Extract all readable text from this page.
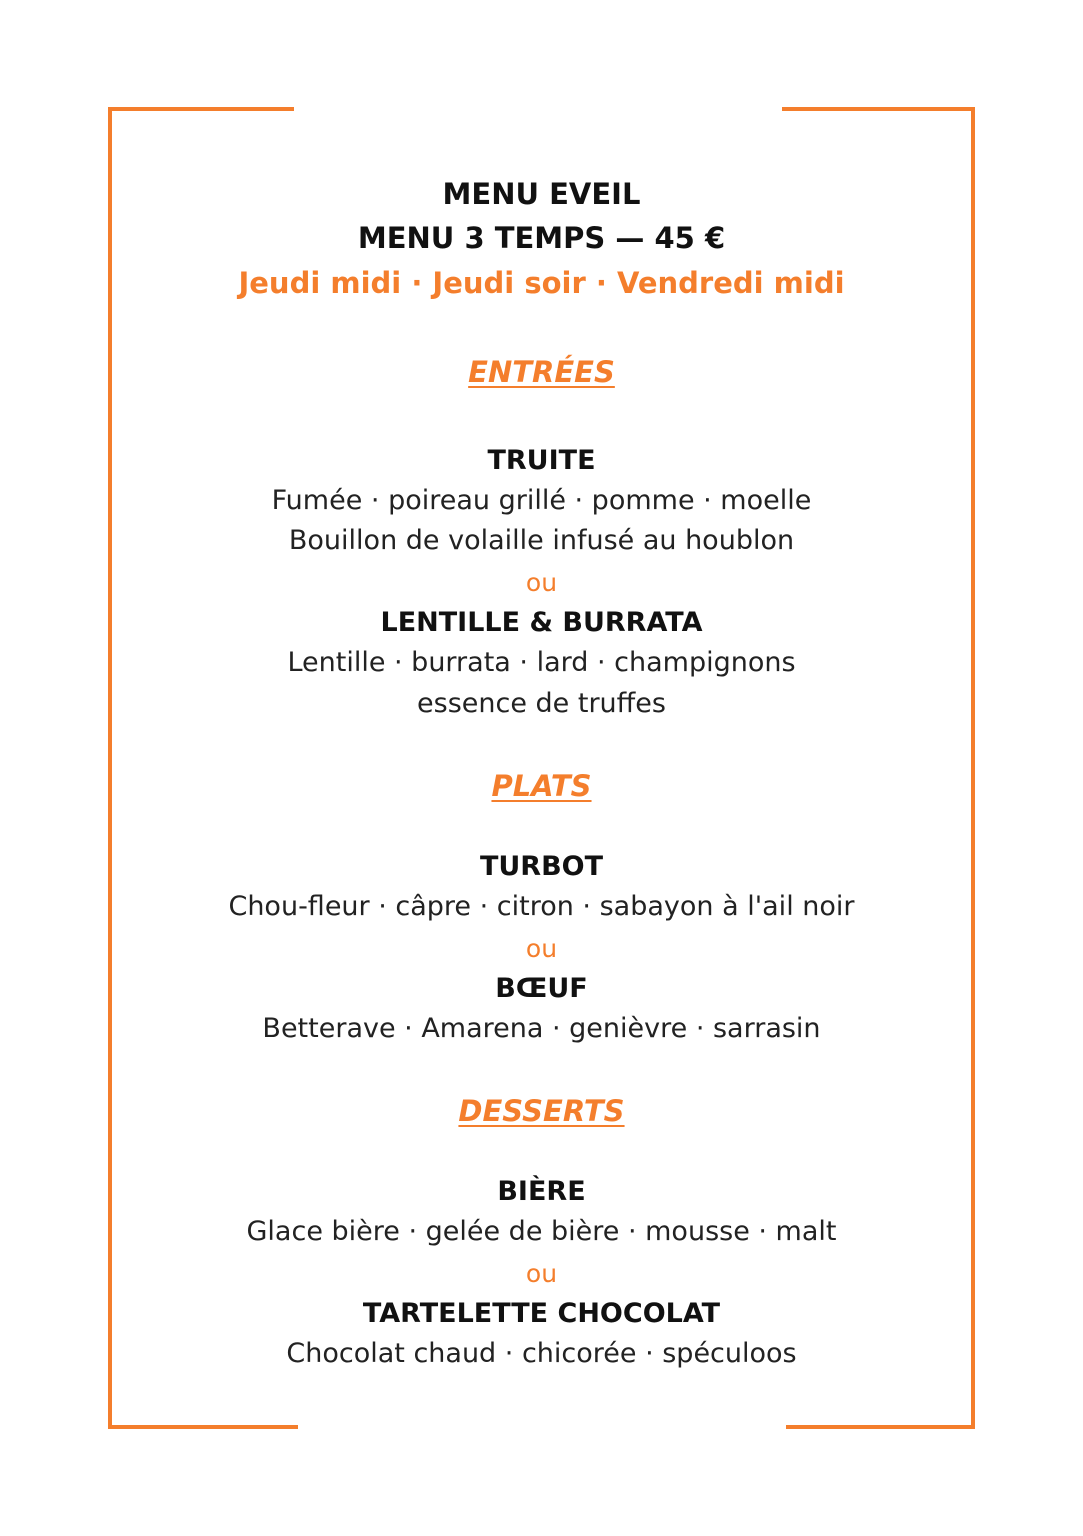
MENU EVEIL
MENU 3 TEMPS — 45 €
Jeudi midi · Jeudi soir · Vendredi midi
ENTRÉES
TRUITE
Fumée · poireau grillé · pomme · moelle
Bouillon de volaille infusé au houblon
ou
LENTILLE & BURRATA
Lentille · burrata · lard · champignons
essence de truffes
PLATS
TURBOT
Chou-fleur · câpre · citron · sabayon à l'ail noir
ou
BŒUF
Betterave · Amarena · genièvre · sarrasin
DESSERTS
BIÈRE
Glace bière · gelée de bière · mousse · malt
ou
TARTELETTE CHOCOLAT
Chocolat chaud · chicorée · spéculoos
